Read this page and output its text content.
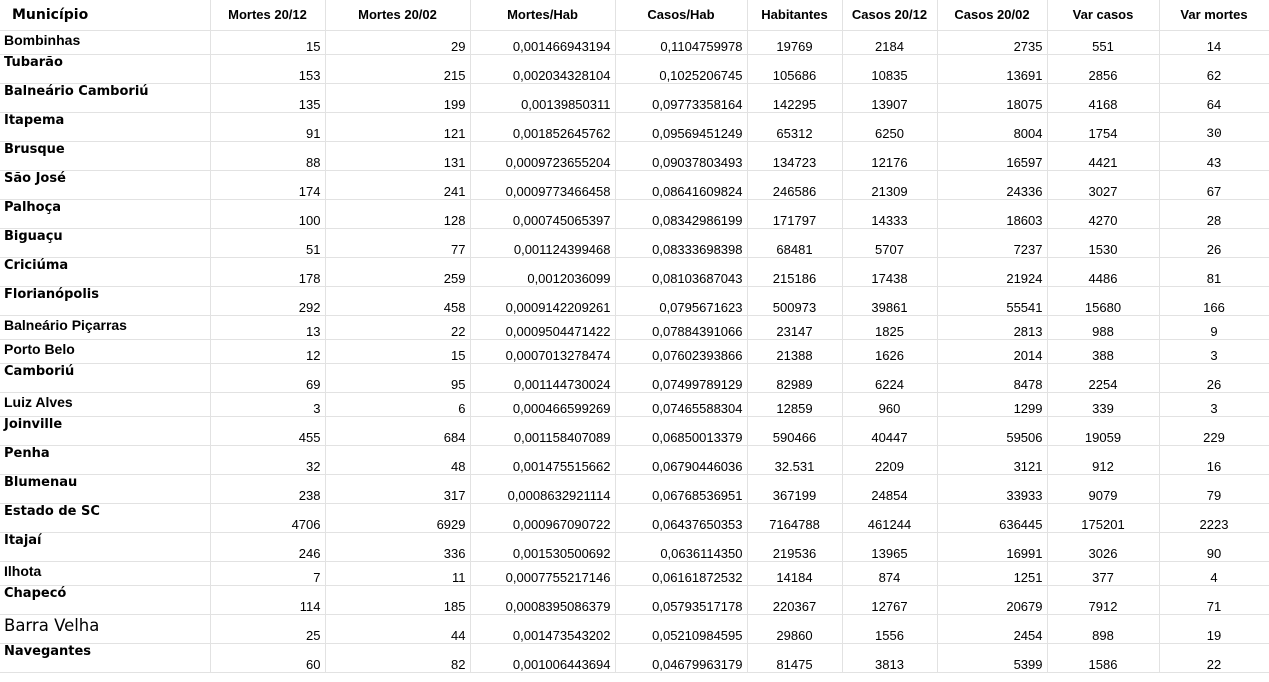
Município	Mortes 20/12	Mortes 20/02	Mortes/Hab	Casos/Hab	Habitantes	Casos 20/12	Casos 20/02	Var casos	Var mortes
Bombinhas	15	29	0,001466943194	0,1104759978	19769	2184	2735	551	14
Tubarão	153	215	0,002034328104	0,1025206745	105686	10835	13691	2856	62
Balneário Camboriú	135	199	0,00139850311	0,09773358164	142295	13907	18075	4168	64
Itapema	91	121	0,001852645762	0,09569451249	65312	6250	8004	1754	30
Brusque	88	131	0,0009723655204	0,09037803493	134723	12176	16597	4421	43
São José	174	241	0,0009773466458	0,08641609824	246586	21309	24336	3027	67
Palhoça	100	128	0,000745065397	0,08342986199	171797	14333	18603	4270	28
Biguaçu	51	77	0,001124399468	0,08333698398	68481	5707	7237	1530	26
Criciúma	178	259	0,0012036099	0,08103687043	215186	17438	21924	4486	81
Florianópolis	292	458	0,0009142209261	0,0795671623	500973	39861	55541	15680	166
Balneário Piçarras	13	22	0,0009504471422	0,07884391066	23147	1825	2813	988	9
Porto Belo	12	15	0,0007013278474	0,07602393866	21388	1626	2014	388	3
Camboriú	69	95	0,001144730024	0,07499789129	82989	6224	8478	2254	26
Luiz Alves	3	6	0,000466599269	0,07465588304	12859	960	1299	339	3
Joinville	455	684	0,001158407089	0,06850013379	590466	40447	59506	19059	229
Penha	32	48	0,001475515662	0,06790446036	32.531	2209	3121	912	16
Blumenau	238	317	0,0008632921114	0,06768536951	367199	24854	33933	9079	79
Estado de SC	4706	6929	0,000967090722	0,06437650353	7164788	461244	636445	175201	2223
Itajaí	246	336	0,001530500692	0,0636114350	219536	13965	16991	3026	90
Ilhota	7	11	0,0007755217146	0,06161872532	14184	874	1251	377	4
Chapecó	114	185	0,0008395086379	0,05793517178	220367	12767	20679	7912	71
Barra Velha	25	44	0,001473543202	0,05210984595	29860	1556	2454	898	19
Navegantes	60	82	0,001006443694	0,04679963179	81475	3813	5399	1586	22
